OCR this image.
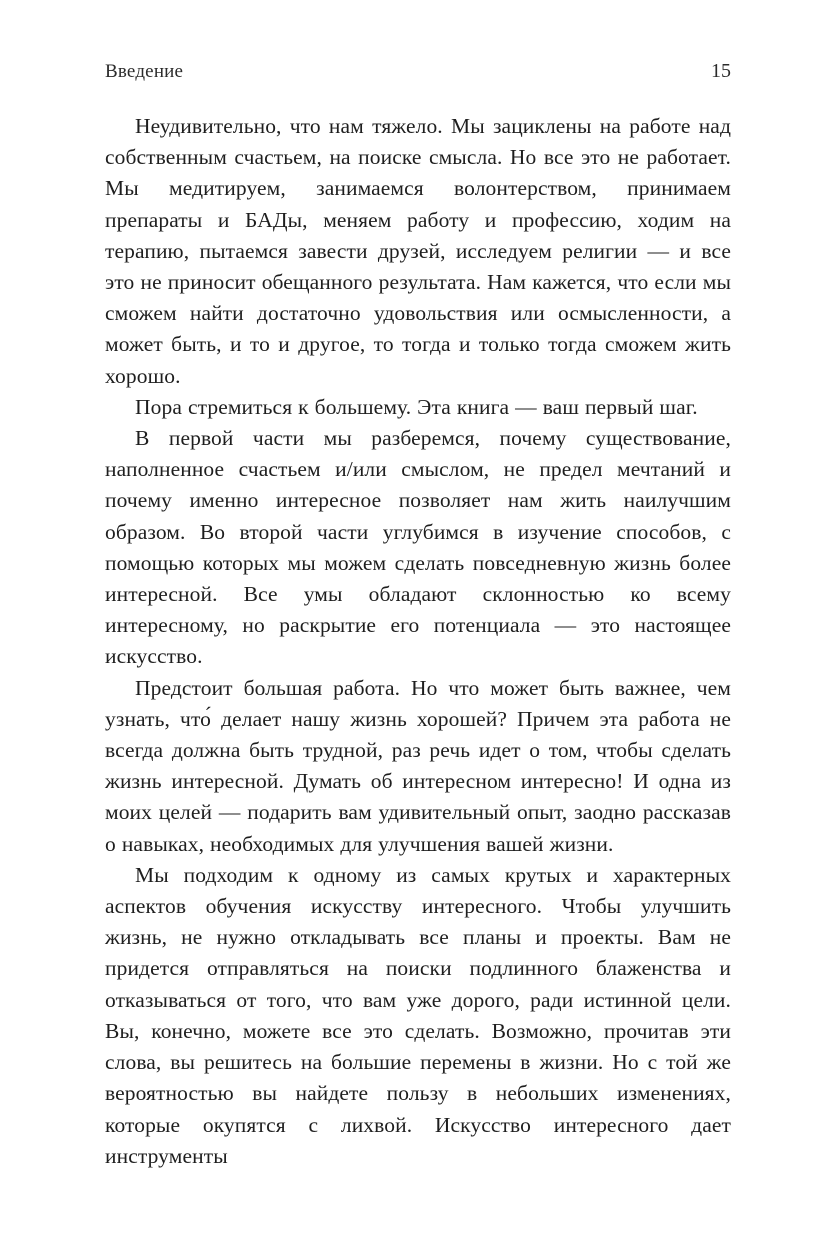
Введение	15

Неудивительно, что нам тяжело. Мы зациклены на работе над собственным счастьем, на поиске смысла. Но все это не работает. Мы медитируем, занимаемся волонтерством, принимаем препараты и БАДы, меняем работу и профессию, ходим на терапию, пытаемся завести друзей, исследуем религии — и все это не приносит обещанного результата. Нам кажется, что если мы сможем найти достаточно удовольствия или осмысленности, а может быть, и то и другое, то тогда и только тогда сможем жить хорошо.

Пора стремиться к большему. Эта книга — ваш первый шаг.

В первой части мы разберемся, почему существование, наполненное счастьем и/или смыслом, не предел мечтаний и почему именно интересное позволяет нам жить наилучшим образом. Во второй части углубимся в изучение способов, с помощью которых мы можем сделать повседневную жизнь более интересной. Все умы обладают склонностью ко всему интересному, но раскрытие его потенциала — это настоящее искусство.

Предстоит большая работа. Но что может быть важнее, чем узнать, что́ делает нашу жизнь хорошей? Причем эта работа не всегда должна быть трудной, раз речь идет о том, чтобы сделать жизнь интересной. Думать об интересном интересно! И одна из моих целей — подарить вам удивительный опыт, заодно рассказав о навыках, необходимых для улучшения вашей жизни.

Мы подходим к одному из самых крутых и характерных аспектов обучения искусству интересного. Чтобы улучшить жизнь, не нужно откладывать все планы и проекты. Вам не придется отправляться на поиски подлинного блаженства и отказываться от того, что вам уже дорого, ради истинной цели. Вы, конечно, можете все это сделать. Возможно, прочитав эти слова, вы решитесь на большие перемены в жизни. Но с той же вероятностью вы найдете пользу в небольших изменениях, которые окупятся с лихвой. Искусство интересного дает инструменты
